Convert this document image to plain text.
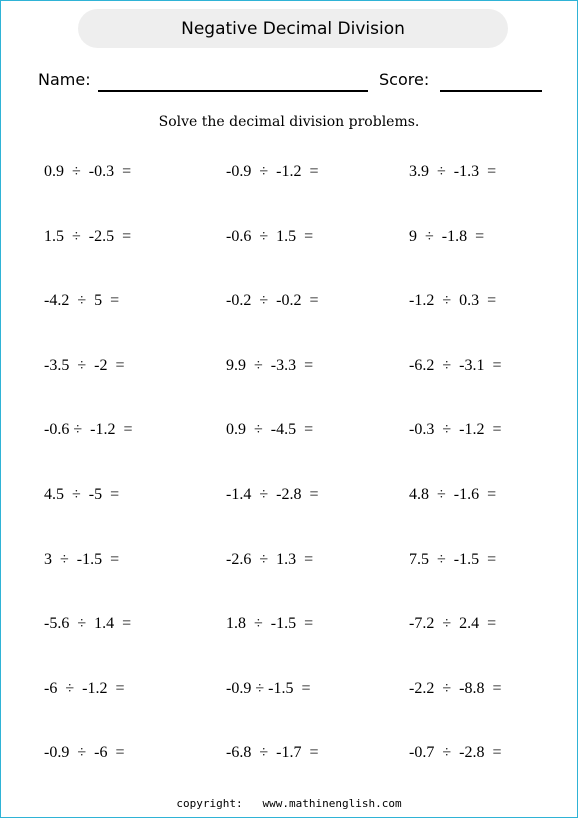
Negative Decimal Division
Name:	Score:
Solve the decimal division problems.
0.9  ÷  -0.3  =	-0.9  ÷  -1.2  =	3.9  ÷  -1.3  =
1.5  ÷  -2.5  =	-0.6  ÷  1.5  =	9  ÷  -1.8  =
-4.2  ÷  5  =	-0.2  ÷  -0.2  =	-1.2  ÷  0.3  =
-3.5  ÷  -2  =	9.9  ÷  -3.3  =	-6.2  ÷  -3.1  =
-0.6 ÷  -1.2  =	0.9  ÷  -4.5  =	-0.3  ÷  -1.2  =
4.5  ÷  -5  =	-1.4  ÷  -2.8  =	4.8  ÷  -1.6  =
3  ÷  -1.5  =	-2.6  ÷  1.3  =	7.5  ÷  -1.5  =
-5.6  ÷  1.4  =	1.8  ÷  -1.5  =	-7.2  ÷  2.4  =
-6  ÷  -1.2  =	-0.9 ÷ -1.5  =	-2.2  ÷  -8.8  =
-0.9  ÷  -6  =	-6.8  ÷  -1.7  =	-0.7  ÷  -2.8  =
copyright:   www.mathinenglish.com
